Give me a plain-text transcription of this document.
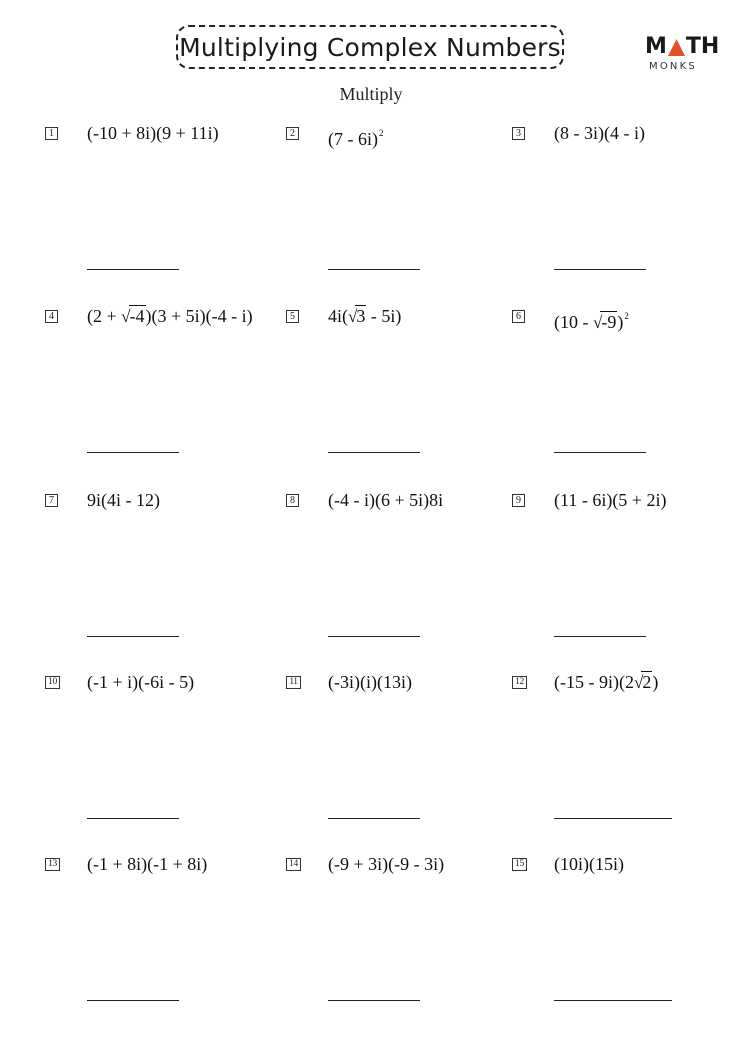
Multiplying Complex Numbers	M TH
MONKS
Multiply
1 (-10 + 8i)(9 + 11i)	2 (7 - 6i)$^2$	3 (8 - 3i)(4 - i)
4 (2 + √-4)(3 + 5i)(-4 - i)	5 4i(√3 - 5i)	6 (10 - √-9)$^2$
7 9i(4i - 12)	8 (-4 - i)(6 + 5i)8i	9 (11 - 6i)(5 + 2i)
10 (-1 + i)(-6i - 5)	11 (-3i)(i)(13i)	12 (-15 - 9i)(2√2)
13 (-1 + 8i)(-1 + 8i)	14 (-9 + 3i)(-9 - 3i)	15 (10i)(15i)
